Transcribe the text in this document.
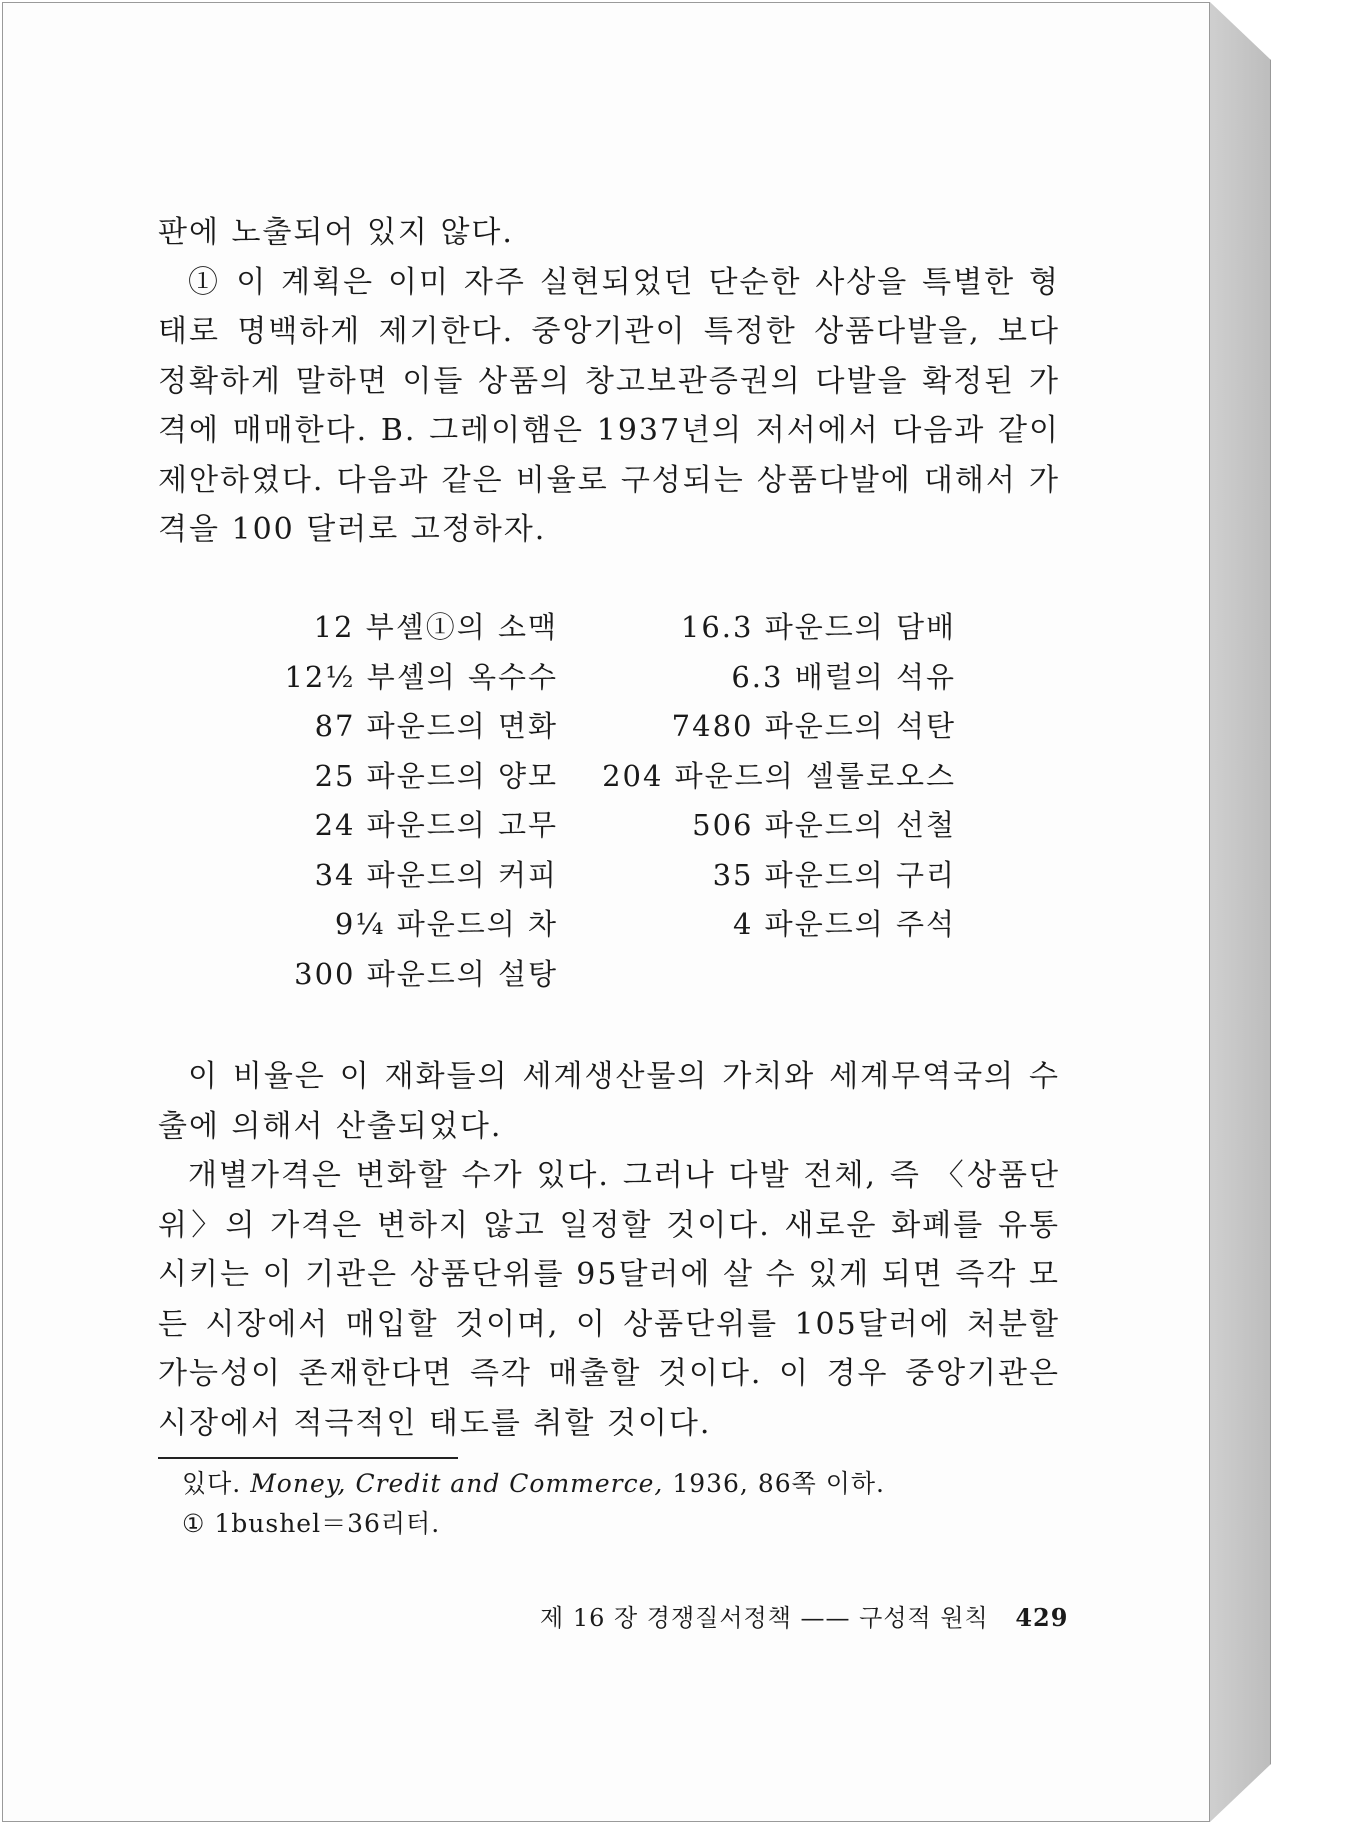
판에 노출되어 있지 않다.

① 이 계획은 이미 자주 실현되었던 단순한 사상을 특별한 형태로 명백하게 제기한다. 중앙기관이 특정한 상품다발을, 보다 정확하게 말하면 이들 상품의 창고보관증권의 다발을 확정된 가격에 매매한다. B. 그레이햄은 1937년의 저서에서 다음과 같이 제안하였다. 다음과 같은 비율로 구성되는 상품다발에 대해서 가격을 100 달러로 고정하자.

12 부셸①의 소맥	16.3 파운드의 담배
12½ 부셸의 옥수수	6.3 배럴의 석유
87 파운드의 면화	7480 파운드의 석탄
25 파운드의 양모	204 파운드의 셀룰로오스
24 파운드의 고무	506 파운드의 선철
34 파운드의 커피	35 파운드의 구리
9¼ 파운드의 차	4 파운드의 주석
300 파운드의 설탕

이 비율은 이 재화들의 세계생산물의 가치와 세계무역국의 수출에 의해서 산출되었다.

개별가격은 변화할 수가 있다. 그러나 다발 전체, 즉 〈상품단위〉의 가격은 변하지 않고 일정할 것이다. 새로운 화폐를 유통시키는 이 기관은 상품단위를 95달러에 살 수 있게 되면 즉각 모든 시장에서 매입할 것이며, 이 상품단위를 105달러에 처분할 가능성이 존재한다면 즉각 매출할 것이다. 이 경우 중앙기관은 시장에서 적극적인 태도를 취할 것이다.

있다. Money, Credit and Commerce, 1936, 86쪽 이하.
① 1bushel＝36리터.
제 16 장 경쟁질서정책 —— 구성적 원칙 429
